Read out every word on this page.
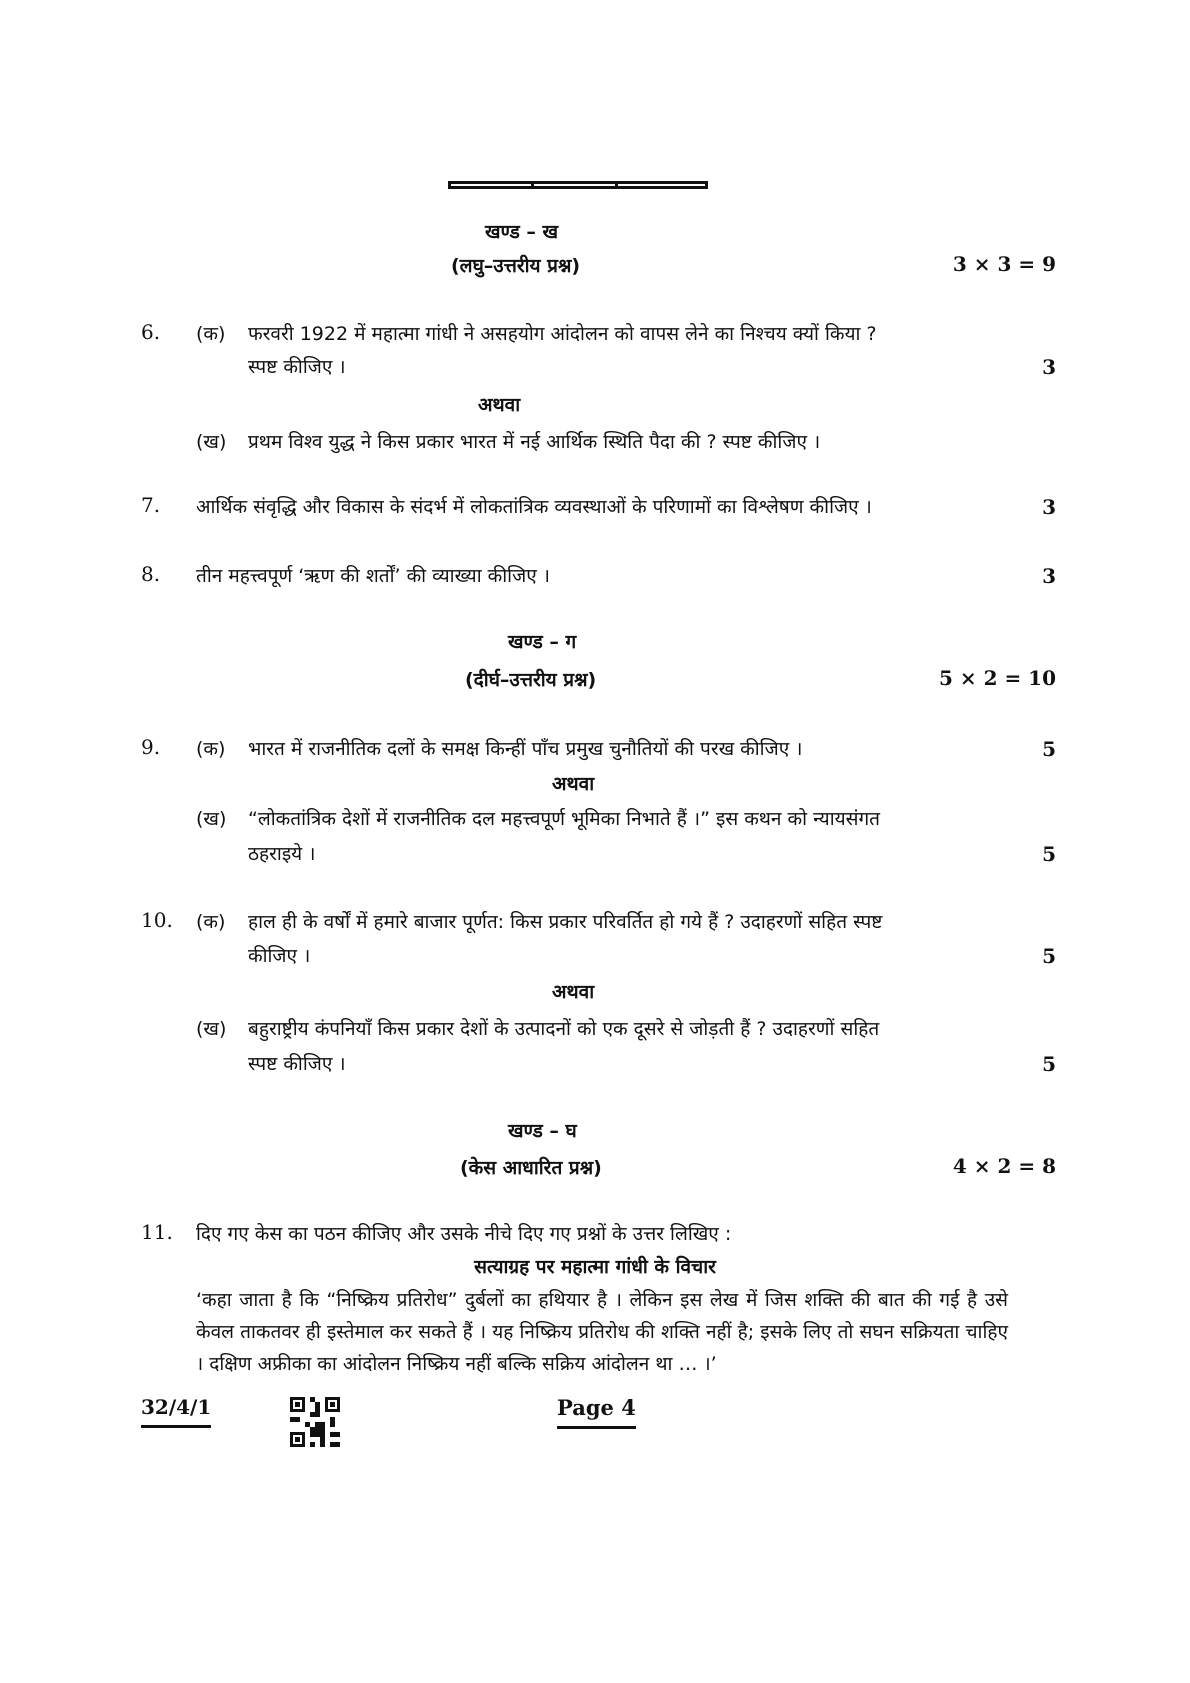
खण्ड – ख
(लघु–उत्तरीय प्रश्न)	3 × 3 = 9
6. (क) फरवरी 1922 में महात्मा गांधी ने असहयोग आंदोलन को वापस लेने का निश्चय क्यों किया ?
स्पष्ट कीजिए ।	3
अथवा
(ख) प्रथम विश्व युद्ध ने किस प्रकार भारत में नई आर्थिक स्थिति पैदा की ? स्पष्ट कीजिए ।
7. आर्थिक संवृद्धि और विकास के संदर्भ में लोकतांत्रिक व्यवस्थाओं के परिणामों का विश्लेषण कीजिए ।	3
8. तीन महत्त्वपूर्ण ‘ऋण की शर्तों’ की व्याख्या कीजिए ।	3
खण्ड – ग
(दीर्घ–उत्तरीय प्रश्न)	5 × 2 = 10
9. (क) भारत में राजनीतिक दलों के समक्ष किन्हीं पाँच प्रमुख चुनौतियों की परख कीजिए ।	5
अथवा
(ख) “लोकतांत्रिक देशों में राजनीतिक दल महत्त्वपूर्ण भूमिका निभाते हैं ।” इस कथन को न्यायसंगत
ठहराइये ।	5
10. (क) हाल ही के वर्षों में हमारे बाजार पूर्णत: किस प्रकार परिवर्तित हो गये हैं ? उदाहरणों सहित स्पष्ट
कीजिए ।	5
अथवा
(ख) बहुराष्ट्रीय कंपनियाँ किस प्रकार देशों के उत्पादनों को एक दूसरे से जोड़ती हैं ? उदाहरणों सहित
स्पष्ट कीजिए ।	5
खण्ड – घ
(केस आधारित प्रश्न)	4 × 2 = 8
11. दिए गए केस का पठन कीजिए और उसके नीचे दिए गए प्रश्नों के उत्तर लिखिए :
सत्याग्रह पर महात्मा गांधी के विचार
‘कहा जाता है कि “निष्क्रिय प्रतिरोध” दुर्बलों का हथियार है । लेकिन इस लेख में जिस शक्ति की बात की गई है उसे केवल ताकतवर ही इस्तेमाल कर सकते हैं । यह निष्क्रिय प्रतिरोध की शक्ति नहीं है; इसके लिए तो सघन सक्रियता चाहिए । दक्षिण अफ्रीका का आंदोलन निष्क्रिय नहीं बल्कि सक्रिय आंदोलन था … ।’
32/4/1	Page 4
